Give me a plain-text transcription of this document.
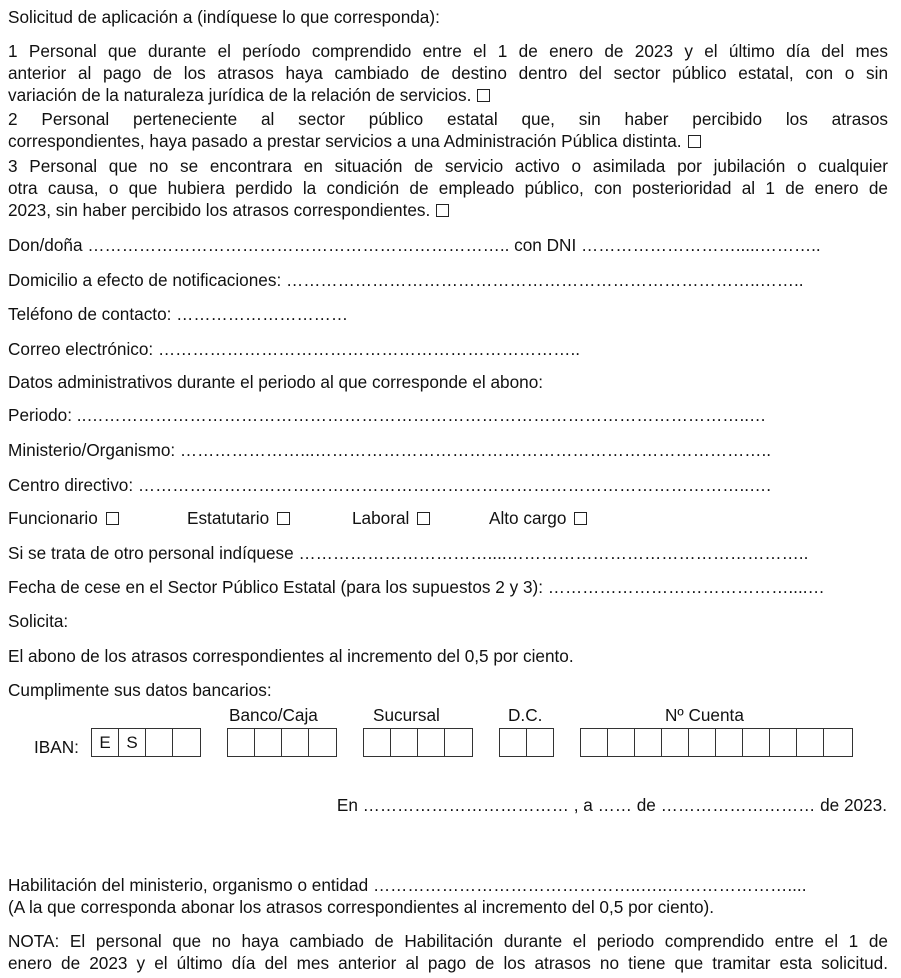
Solicitud de aplicación a (indíquese lo que corresponda):
1 Personal que durante el período comprendido entre el 1 de enero de 2023 y el último día del mes
anterior al pago de los atrasos haya cambiado de destino dentro del sector público estatal, con o sin
variación de la naturaleza jurídica de la relación de servicios.
2 Personal perteneciente al sector público estatal que, sin haber percibido los atrasos
correspondientes, haya pasado a prestar servicios a una Administración Pública distinta.
3 Personal que no se encontrara en situación de servicio activo o asimilada por jubilación o cualquier
otra causa, o que hubiera perdido la condición de empleado público, con posterioridad al 1 de enero de
2023, sin haber percibido los atrasos correspondientes.
Don/doña ……………………………………………………………….. con DNI ……………………….....………..
Domicilio a efecto de notificaciones: ………………………………………………………………………..……..
Teléfono de contacto: …………………………
Correo electrónico: ………………………………………………………………..
Datos administrativos durante el periodo al que corresponde el abono:
Periodo: ..……………………………………………………………………………………………………..…
Ministerio/Organismo: …………………...……………………………………………………………………..
Centro directivo: ……………………………………………………………………………………………..….
Funcionario	Estatutario	Laboral	Alto cargo
Si se trata de otro personal indíquese ……………………………....……………………………………………..
Fecha de cese en el Sector Público Estatal (para los supuestos 2 y 3): ……………………………………....…
Solicita:
El abono de los atrasos correspondientes al incremento del 0,5 por ciento.
Cumplimente sus datos bancarios:
Banco/Caja	Sucursal	D.C.	Nº Cuenta
IBAN:	E S
En ……………………………… , a …… de ……………………… de 2023.
Habilitación del ministerio, organismo o entidad ………………………………………..…..…………………....
(A la que corresponda abonar los atrasos correspondientes al incremento del 0,5 por ciento).
NOTA: El personal que no haya cambiado de Habilitación durante el periodo comprendido entre el 1 de
enero de 2023 y el último día del mes anterior al pago de los atrasos no tiene que tramitar esta solicitud.
